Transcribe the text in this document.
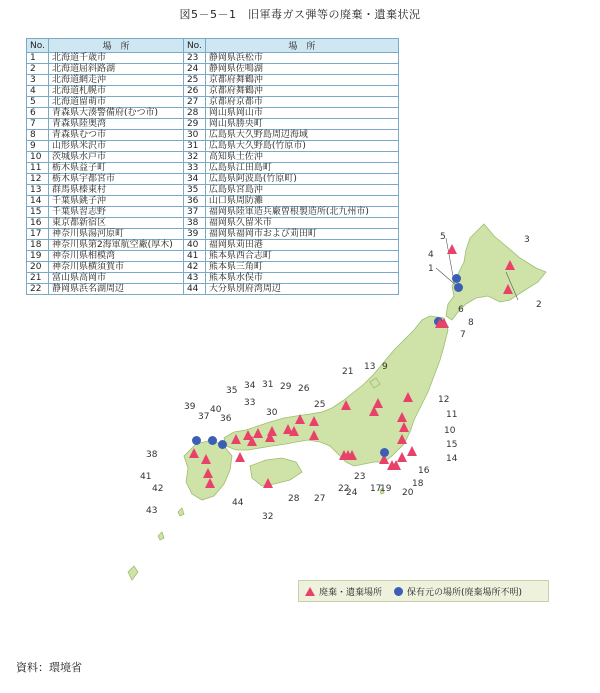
図5－5－1　旧軍毒ガス弾等の廃棄・遺棄状況
No.	場　所	No.	場　所
1	北海道千歳市	23	静岡県浜松市
2	北海道屈斜路湖	24	静岡県佐鳴湖
3	北海道網走沖	25	京都府舞鶴沖
4	北海道札幌市	26	京都府舞鶴沖
5	北海道留萌市	27	京都府京都市
6	青森県大湊警備府(むつ市)	28	岡山県岡山市
7	青森県陸奥湾	29	岡山県勝央町
8	青森県むつ市	30	広島県大久野島周辺海域
9	山形県米沢市	31	広島県大久野島(竹原市)
10	茨城県水戸市	32	高知県土佐沖
11	栃木県益子町	33	広島県江田島町
12	栃木県宇都宮市	34	広島県阿波島(竹原町)
13	群馬県榛東村	35	広島県宮島沖
14	千葉県銚子沖	36	山口県周防灘
15	千葉県習志野	37	福岡県陸軍造兵廠曽根製造所(北九州市)
16	東京都新宿区	38	福岡県久留米市
17	神奈川県湯河原町	39	福岡県福岡市および苅田町
18	神奈川県第2海軍航空廠(厚木)	40	福岡県苅田港
19	神奈川県相模湾	41	熊本県西合志町
20	神奈川県横須賀市	42	熊本県三角町
21	富山県高岡市	43	熊本県水俣市
22	静岡県浜名湖周辺	44	大分県別府湾周辺
1
2
3
4
5
6
7
8
9
10
11
12
13
14
15
16
17	18
19 20
21
22
23
24
25
26
27
28
29
30
31
32
33
34
35
36
37
38
39 40
41
42
43
44
廃棄・遺棄場所	保有元の場所(廃棄場所不明)
資料：環境省
